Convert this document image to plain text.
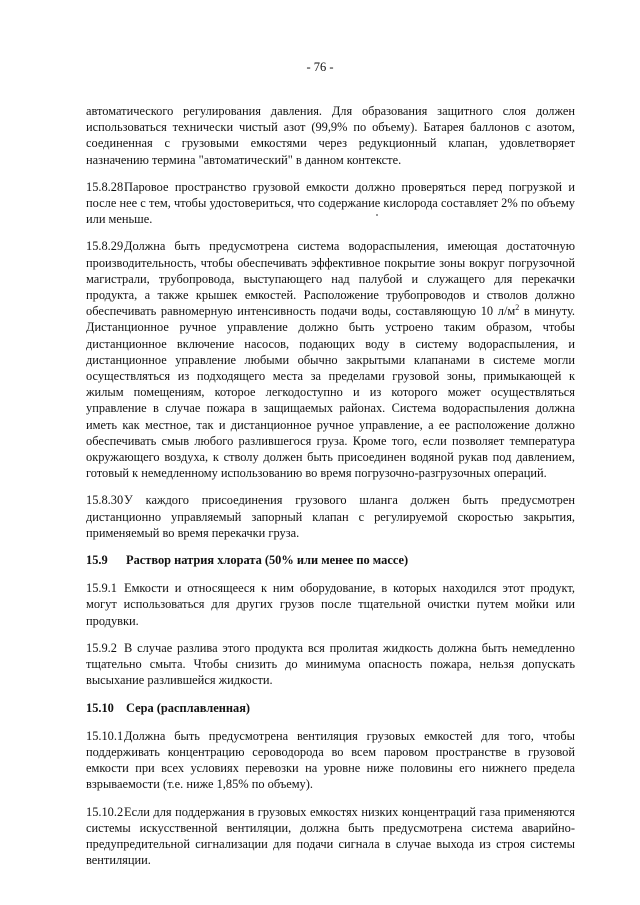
- 76 -

автоматического регулирования давления. Для образования защитного слоя должен использоваться технически чистый азот (99,9% по объему). Батарея баллонов с азотом, соединенная с грузовыми емкостями через редукционный клапан, удовлетворяет назначению термина "автоматический" в данном контексте.

15.8.28Паровое пространство грузовой емкости должно проверяться перед погрузкой и после нее с тем, чтобы удостовериться, что содержание кислорода составляет 2% по объему или меньше.

15.8.29Должна быть предусмотрена система водораспыления, имеющая достаточную производительность, чтобы обеспечивать эффективное покрытие зоны вокруг погрузочной магистрали, трубопровода, выступающего над палубой и служащего для перекачки продукта, а также крышек емкостей. Расположение трубопроводов и стволов должно обеспечивать равномерную интенсивность подачи воды, составляющую 10 $л/м^2$ в минуту. Дистанционное ручное управление должно быть устроено таким образом, чтобы дистанционное включение насосов, подающих воду в систему водораспыления, и дистанционное управление любыми обычно закрытыми клапанами в системе могли осуществляться из подходящего места за пределами грузовой зоны, примыкающей к жилым помещениям, которое легкодоступно и из которого может осуществляться управление в случае пожара в защищаемых районах. Система водораспыления должна иметь как местное, так и дистанционное ручное управление, а ее расположение должно обеспечивать смыв любого разлившегося груза. Кроме того, если позволяет температура окружающего воздуха, к стволу должен быть присоединен водяной рукав под давлением, готовый к немедленному использованию во время погрузочно-разгрузочных операций.

15.8.30У каждого присоединения грузового шланга должен быть предусмотрен дистанционно управляемый запорный клапан с регулируемой скоростью закрытия, применяемый во время перекачки груза.

15.9 Раствор натрия хлората (50% или менее по массе)

15.9.1 Емкости и относящееся к ним оборудование, в которых находился этот продукт, могут использоваться для других грузов после тщательной очистки путем мойки или продувки.

15.9.2 В случае разлива этого продукта вся пролитая жидкость должна быть немедленно тщательно смыта. Чтобы снизить до минимума опасность пожара, нельзя допускать высыхание разлившейся жидкости.

15.10 Сера (расплавленная)

15.10.1Должна быть предусмотрена вентиляция грузовых емкостей для того, чтобы поддерживать концентрацию сероводорода во всем паровом пространстве в грузовой емкости при всех условиях перевозки на уровне ниже половины его нижнего предела взрываемости (т.е. ниже 1,85% по объему).

15.10.2Если для поддержания в грузовых емкостях низких концентраций газа применяются системы искусственной вентиляции, должна быть предусмотрена система аварийно-предупредительной сигнализации для подачи сигнала в случае выхода из строя системы вентиляции.
